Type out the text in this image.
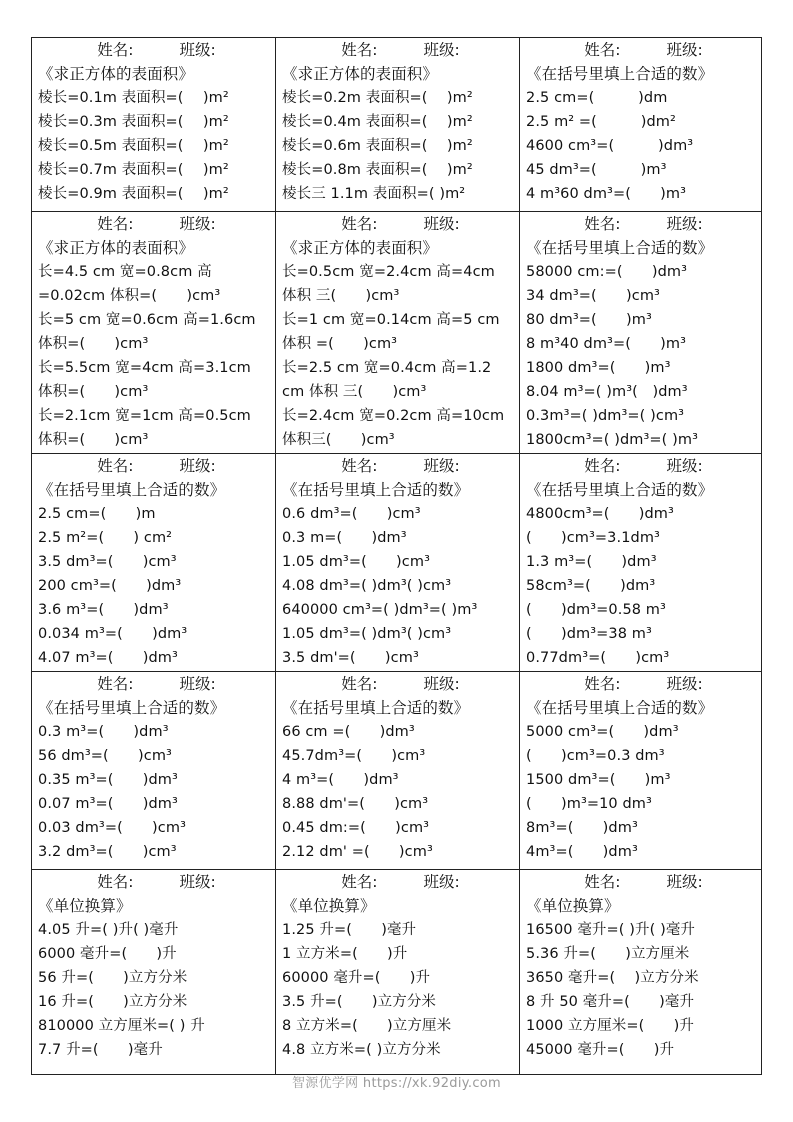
姓名:	班级:
《求正方体的表面积》
棱长=0.1m 表面积=(　 )m²
棱长=0.3m 表面积=(　 )m²
棱长=0.5m 表面积=(　 )m²
棱长=0.7m 表面积=(　 )m²
棱长=0.9m 表面积=(　 )m²
姓名:	班级:
《求正方体的表面积》
棱长=0.2m 表面积=(　 )m²
棱长=0.4m 表面积=(　 )m²
棱长=0.6m 表面积=(　 )m²
棱长=0.8m 表面积=(　 )m²
棱长三 1.1m 表面积=( )m²
姓名:	班级:
《在括号里填上合适的数》
2.5 cm=(　　　)dm
2.5 m² =(　　　)dm²
4600 cm³=(　　　)dm³
45 dm³=(　　　)m³
4 m³60 dm³=(　　)m³
姓名:	班级:
《求正方体的表面积》
长=4.5 cm 宽=0.8cm 高
=0.02cm 体积=(　　)cm³
长=5 cm 宽=0.6cm 高=1.6cm
体积=(　　)cm³
长=5.5cm 宽=4cm 高=3.1cm
体积=(　　)cm³
长=2.1cm 宽=1cm 高=0.5cm
体积=(　　)cm³
姓名:	班级:
《求正方体的表面积》
长=0.5cm 宽=2.4cm 高=4cm
体积 三(　　)cm³
长=1 cm 宽=0.14cm 高=5 cm
体积 =(　　)cm³
长=2.5 cm 宽=0.4cm 高=1.2
cm 体积 三(　　)cm³
长=2.4cm 宽=0.2cm 高=10cm
体积三(　　)cm³
姓名:	班级:
《在括号里填上合适的数》
58000 cm:=(　　)dm³
34 dm³=(　　)cm³
80 dm³=(　　)m³
8 m³40 dm³=(　　)m³
1800 dm³=(　　)m³
8.04 m³=( )m³(　)dm³
0.3m³=( )dm³=( )cm³
1800cm³=( )dm³=( )m³
姓名:	班级:
《在括号里填上合适的数》
2.5 cm=(　　)m
2.5 m²=(　　) cm²
3.5 dm³=(　　)cm³
200 cm³=(　　)dm³
3.6 m³=(　　)dm³
0.034 m³=(　　)dm³
4.07 m³=(　　)dm³
姓名:	班级:
《在括号里填上合适的数》
0.6 dm³=(　　)cm³
0.3 m=(　　)dm³
1.05 dm³=(　　)cm³
4.08 dm³=( )dm³( )cm³
640000 cm³=( )dm³=( )m³
1.05 dm³=( )dm³( )cm³
3.5 dm'=(　　)cm³
姓名:	班级:
《在括号里填上合适的数》
4800cm³=(　　)dm³
(　　)cm³=3.1dm³
1.3 m³=(　　)dm³
58cm³=(　　)dm³
(　　)dm³=0.58 m³
(　　)dm³=38 m³
0.77dm³=(　　)cm³
姓名:	班级:
《在括号里填上合适的数》
0.3 m³=(　　)dm³
56 dm³=(　　)cm³
0.35 m³=(　　)dm³
0.07 m³=(　　)dm³
0.03 dm³=(　　)cm³
3.2 dm³=(　　)cm³
姓名:	班级:
《在括号里填上合适的数》
66 cm =(　　)dm³
45.7dm³=(　　)cm³
4 m³=(　　)dm³
8.88 dm'=(　　)cm³
0.45 dm:=(　　)cm³
2.12 dm' =(　　)cm³
姓名:	班级:
《在括号里填上合适的数》
5000 cm³=(　　)dm³
(　　)cm³=0.3 dm³
1500 dm³=(　　)m³
(　　)m³=10 dm³
8m³=(　　)dm³
4m³=(　　)dm³
姓名:	班级:
《单位换算》
4.05 升=( )升( )毫升
6000 毫升=(　　)升
56 升=(　　)立方分米
16 升=(　　)立方分米
810000 立方厘米=( ) 升
7.7 升=(　　)毫升
姓名:	班级:
《单位换算》
1.25 升=(　　)毫升
1 立方米=(　　)升
60000 毫升=(　　)升
3.5 升=(　　)立方分米
8 立方米=(　　)立方厘米
4.8 立方米=( )立方分米
姓名:	班级:
《单位换算》
16500 毫升=( )升( )毫升
5.36 升=(　　)立方厘米
3650 毫升=(　 )立方分米
8 升 50 毫升=(　　)毫升
1000 立方厘米=(　　)升
45000 毫升=(　　)升
智源优学网 https://xk.92diy.com
